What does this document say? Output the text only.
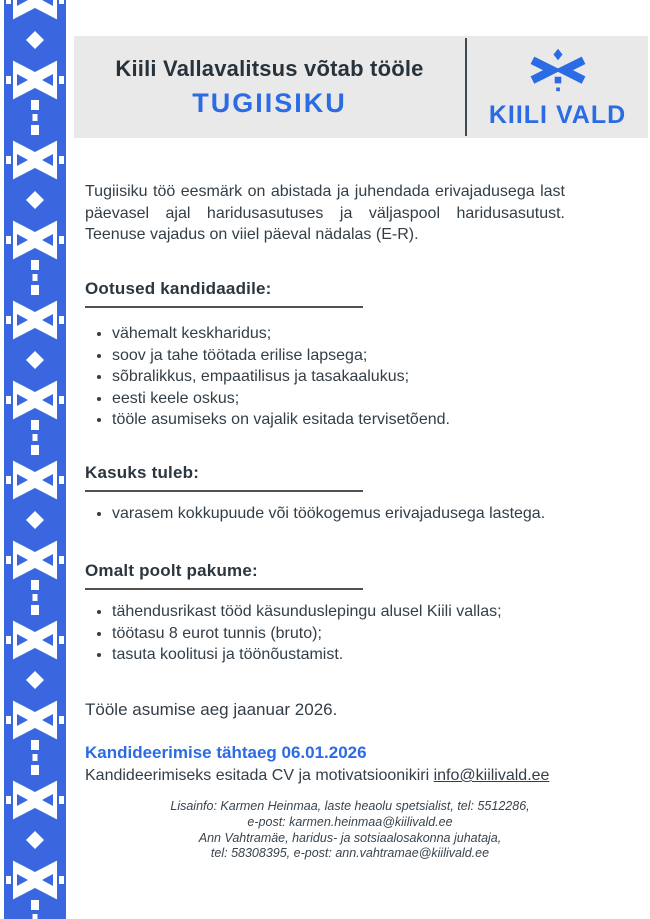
Kiili Vallavalitsus võtab tööle
TUGIISIKU	KIILI VALD
Tugiisiku töö eesmärk on abistada ja juhendada erivajadusega last päevasel ajal haridusasutuses ja väljaspool haridusasutust. Teenuse vajadus on viiel päeval nädalas (E-R).
Ootused kandidaadile:
• vähemalt keskharidus;
• soov ja tahe töötada erilise lapsega;
• sõbralikkus, empaatilisus ja tasakaalukus;
• eesti keele oskus;
• tööle asumiseks on vajalik esitada tervisetõend.
Kasuks tuleb:
• varasem kokkupuude või töökogemus erivajadusega lastega.
Omalt poolt pakume:
• tähendusrikast tööd käsunduslepingu alusel Kiili vallas;
• töötasu 8 eurot tunnis (bruto);
• tasuta koolitusi ja töönõustamist.
Tööle asumise aeg jaanuar 2026.
Kandideerimise tähtaeg 06.01.2026
Kandideerimiseks esitada CV ja motivatsioonikiri info@kiilivald.ee
Lisainfo: Karmen Heinmaa, laste heaolu spetsialist, tel: 5512286,
e-post: karmen.heinmaa@kiilivald.ee
Ann Vahtramäe, haridus- ja sotsiaalosakonna juhataja,
tel: 58308395, e-post: ann.vahtramae@kiilivald.ee
